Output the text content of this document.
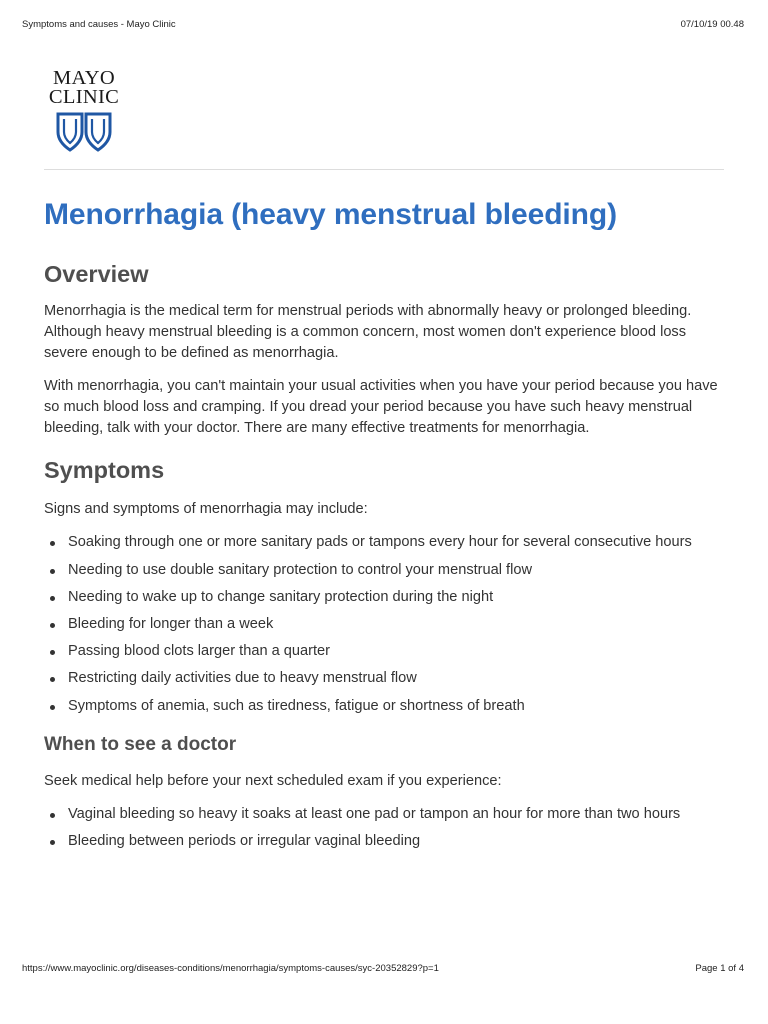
Symptoms and causes - Mayo Clinic	07/10/19 00.48
MAYO
CLINIC
Menorrhagia (heavy menstrual bleeding)
Overview

Menorrhagia is the medical term for menstrual periods with abnormally heavy or prolonged bleeding. Although heavy menstrual bleeding is a common concern, most women don't experience blood loss severe enough to be defined as menorrhagia.

With menorrhagia, you can't maintain your usual activities when you have your period because you have so much blood loss and cramping. If you dread your period because you have such heavy menstrual bleeding, talk with your doctor. There are many effective treatments for menorrhagia.

Symptoms

Signs and symptoms of menorrhagia may include:

Soaking through one or more sanitary pads or tampons every hour for several consecutive hours
Needing to use double sanitary protection to control your menstrual flow
Needing to wake up to change sanitary protection during the night
Bleeding for longer than a week
Passing blood clots larger than a quarter
Restricting daily activities due to heavy menstrual flow
Symptoms of anemia, such as tiredness, fatigue or shortness of breath
When to see a doctor

Seek medical help before your next scheduled exam if you experience:

Vaginal bleeding so heavy it soaks at least one pad or tampon an hour for more than two hours
Bleeding between periods or irregular vaginal bleeding
https://www.mayoclinic.org/diseases-conditions/menorrhagia/symptoms-causes/syc-20352829?p=1	Page 1 of 4
